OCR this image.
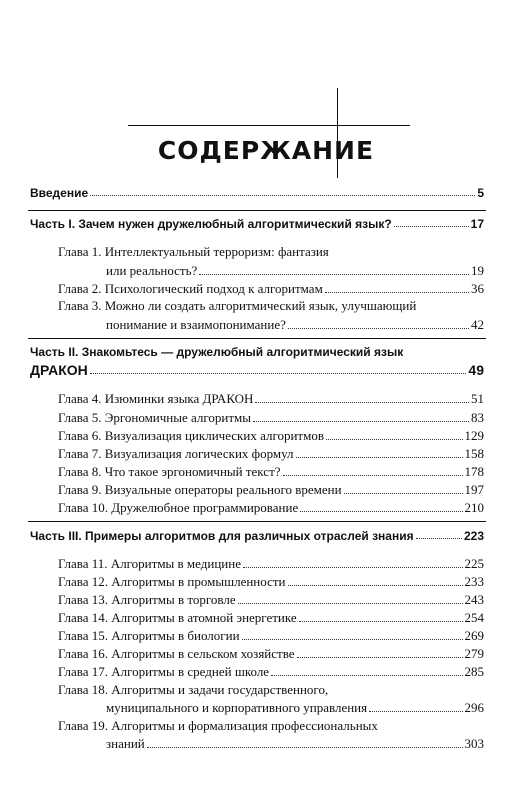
СОДЕРЖАНИЕ
Введение	5
Часть I. Зачем нужен дружелюбный алгоритмический язык?	17
Глава 1. Интеллектуальный терроризм: фантазия
или реальность?	19
Глава 2. Психологический подход к алгоритмам	36
Глава 3. Можно ли создать алгоритмический язык, улучшающий
понимание и взаимопонимание?	42
Часть II. Знакомьтесь — дружелюбный алгоритмический язык
ДРАКОН	49
Глава 4. Изюминки языка ДРАКОН	51
Глава 5. Эргономичные алгоритмы	83
Глава 6. Визуализация циклических алгоритмов	129
Глава 7. Визуализация логических формул	158
Глава 8. Что такое эргономичный текст?	178
Глава 9. Визуальные операторы реального времени	197
Глава 10. Дружелюбное программирование	210
Часть III. Примеры алгоритмов для различных отраслей знания	223
Глава 11. Алгоритмы в медицине	225
Глава 12. Алгоритмы в промышленности	233
Глава 13. Алгоритмы в торговле	243
Глава 14. Алгоритмы в атомной энергетике	254
Глава 15. Алгоритмы в биологии	269
Глава 16. Алгоритмы в сельском хозяйстве	279
Глава 17. Алгоритмы в средней школе	285
Глава 18. Алгоритмы и задачи государственного,
муниципального и корпоративного управления	296
Глава 19. Алгоритмы и формализация профессиональных
знаний	303
